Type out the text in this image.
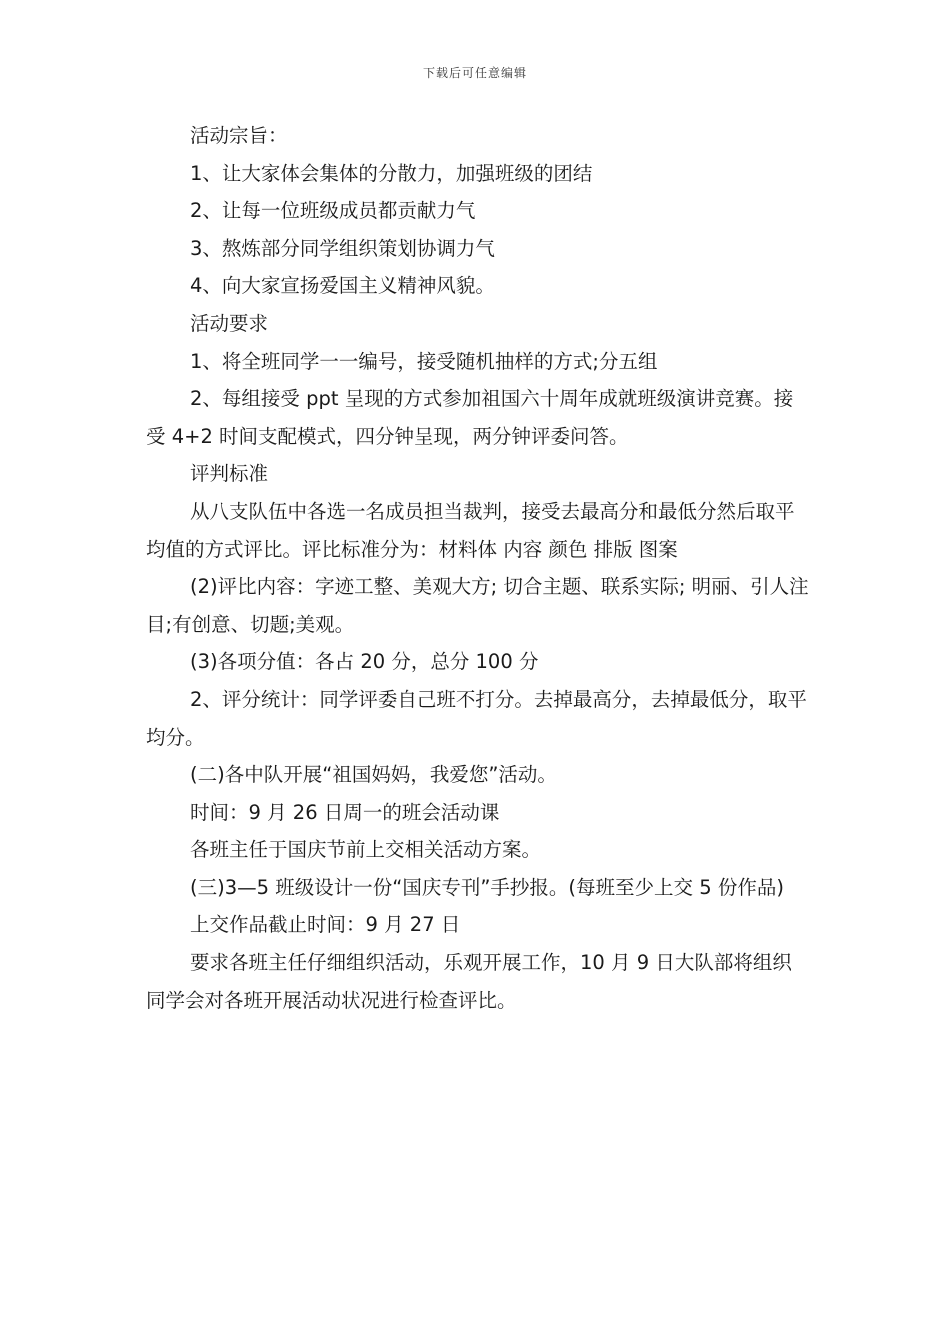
下载后可任意编辑

活动宗旨：

1、让大家体会集体的分散力，加强班级的团结

2、让每一位班级成员都贡献力气

3、熬炼部分同学组织策划协调力气

4、向大家宣扬爱国主义精神风貌。

活动要求

1、将全班同学一一编号，接受随机抽样的方式;分五组

2、每组接受 ppt 呈现的方式参加祖国六十周年成就班级演讲竞赛。接受 4+2 时间支配模式，四分钟呈现，两分钟评委问答。

评判标准

从八支队伍中各选一名成员担当裁判，接受去最高分和最低分然后取平均值的方式评比。评比标准分为：材料体 内容 颜色 排版 图案

(2)评比内容：字迹工整、美观大方; 切合主题、联系实际; 明丽、引人注目;有创意、切题;美观。

(3)各项分值：各占 20 分，总分 100 分

2、评分统计：同学评委自己班不打分。去掉最高分，去掉最低分，取平均分。

(二)各中队开展“祖国妈妈，我爱您”活动。

时间：9 月 26 日周一的班会活动课

各班主任于国庆节前上交相关活动方案。

(三)3—5 班级设计一份“国庆专刊”手抄报。(每班至少上交 5 份作品)

上交作品截止时间：9 月 27 日

要求各班主任仔细组织活动，乐观开展工作，10 月 9 日大队部将组织同学会对各班开展活动状况进行检查评比。
